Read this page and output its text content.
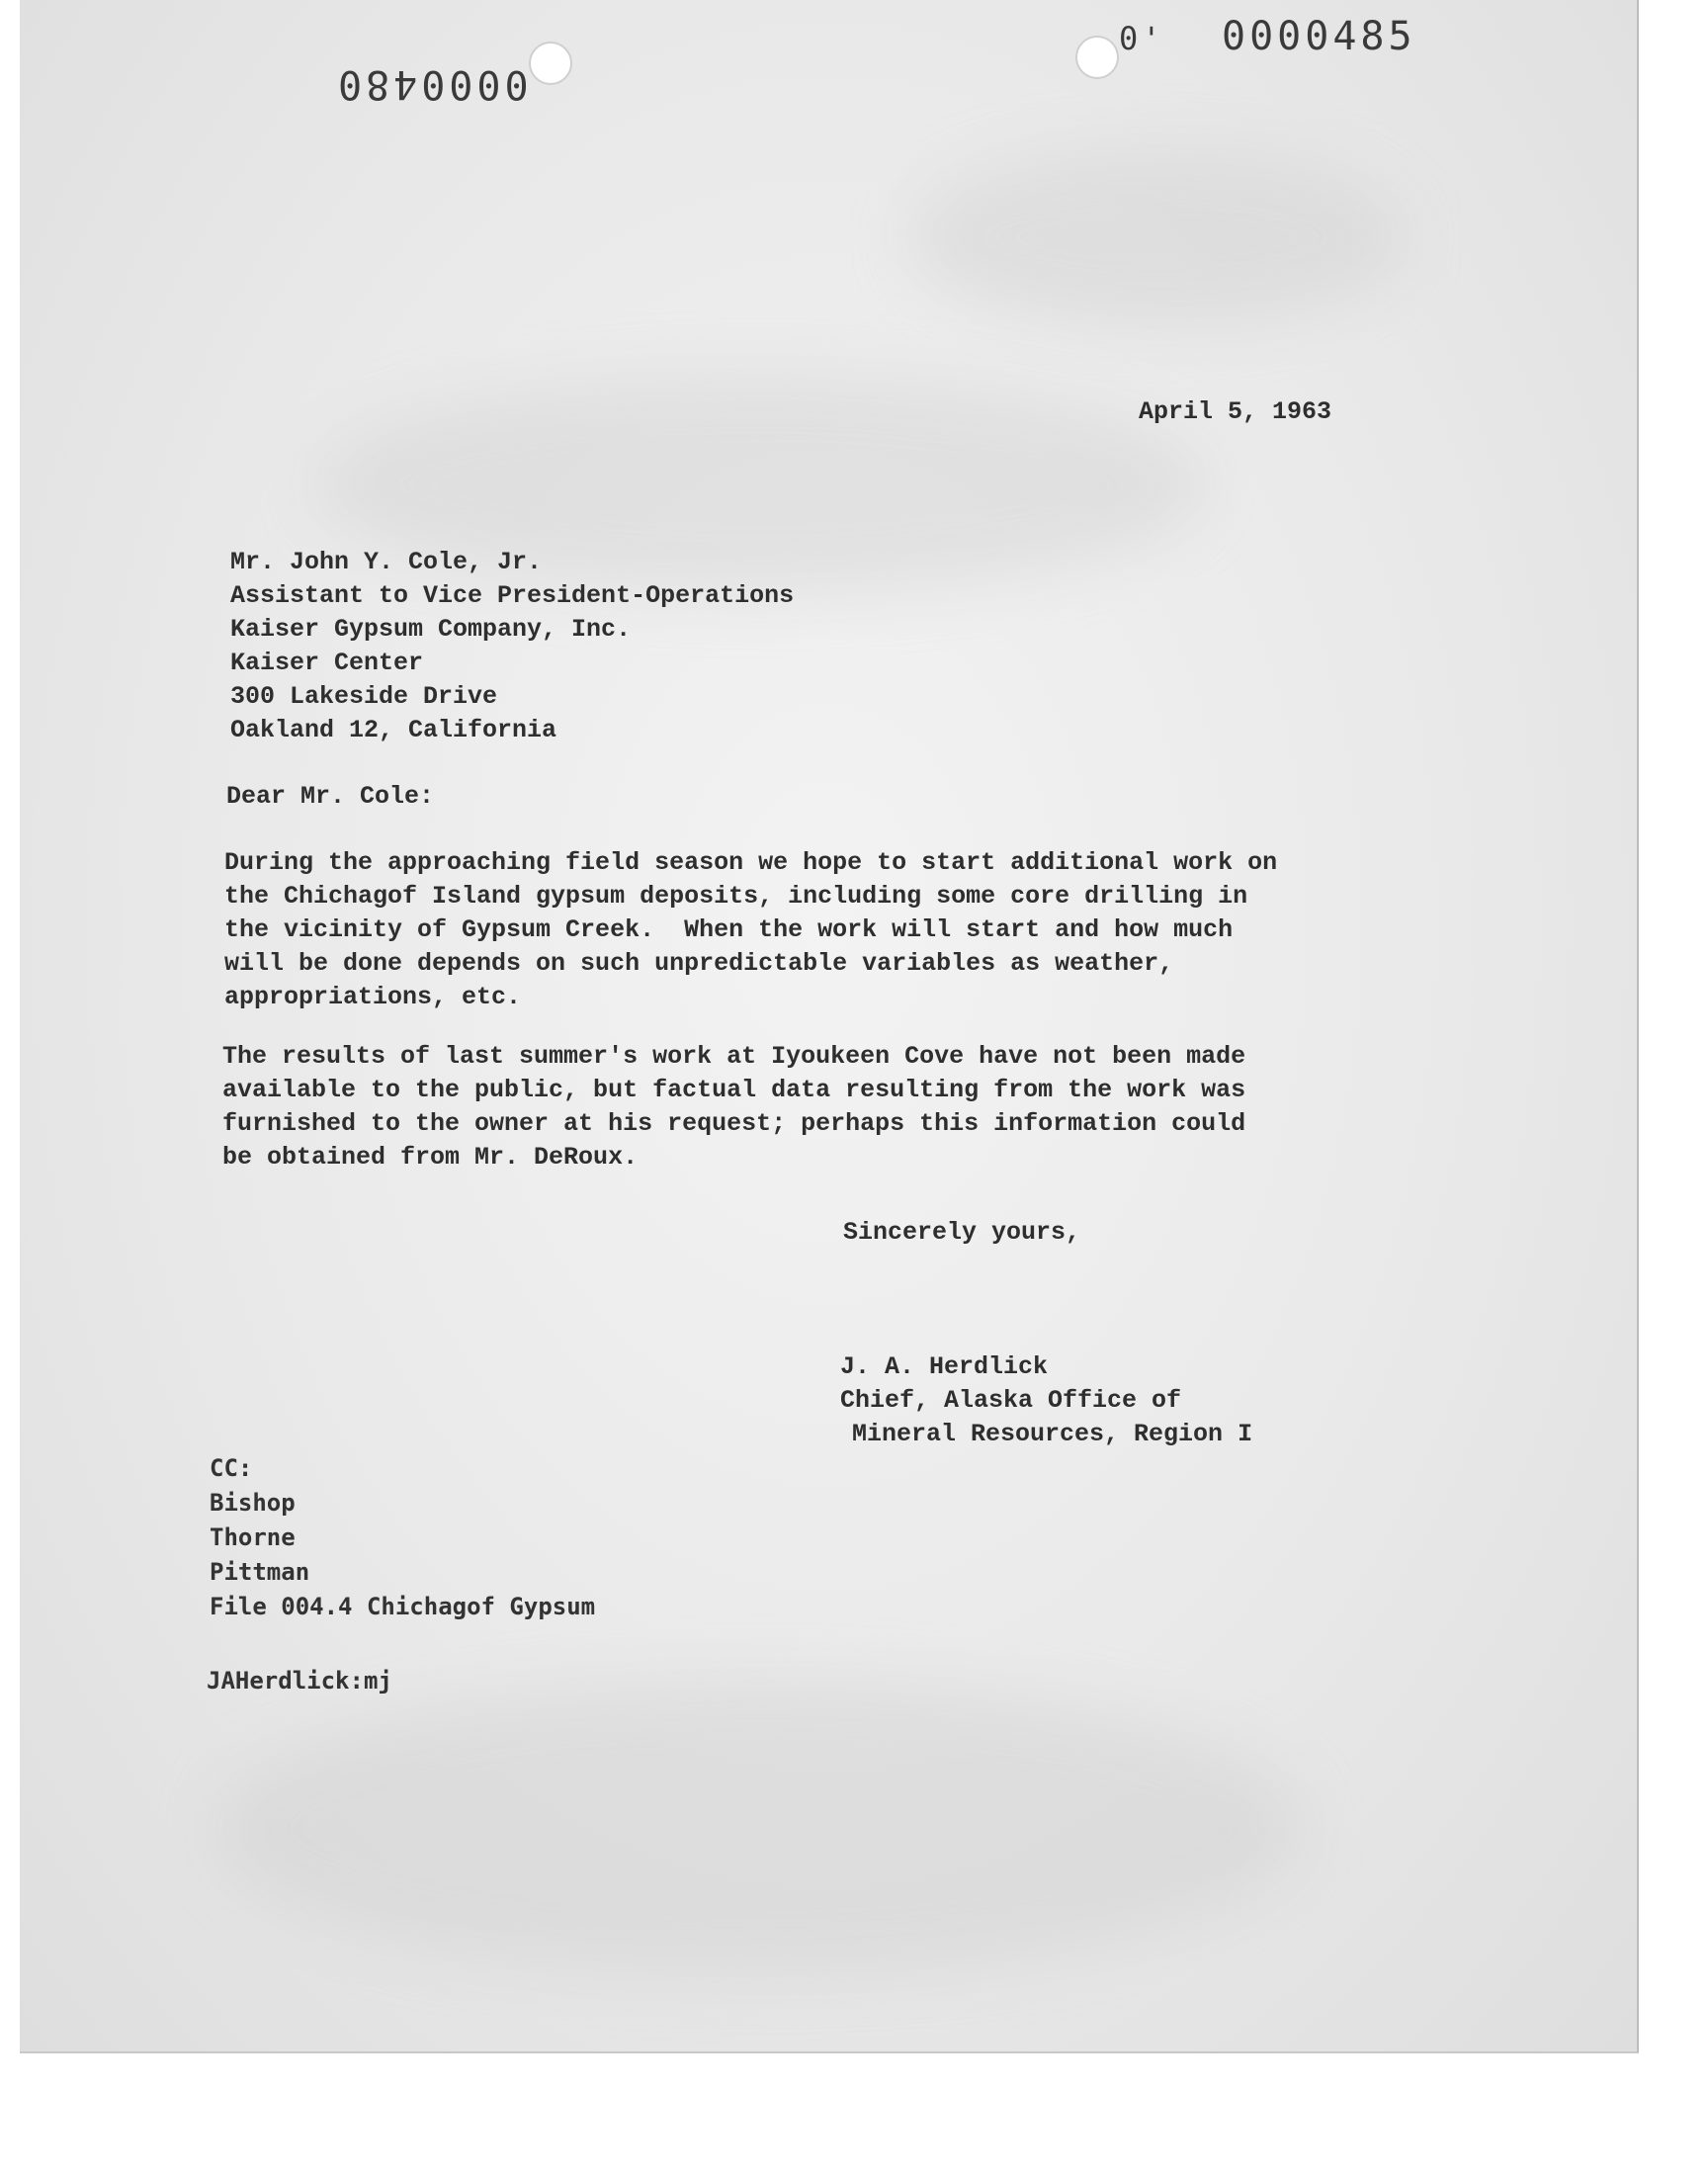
0000480
0' 0000485
April 5, 1963
Mr. John Y. Cole, Jr.
Assistant to Vice President-Operations
Kaiser Gypsum Company, Inc.
Kaiser Center
300 Lakeside Drive
Oakland 12, California
Dear Mr. Cole:
During the approaching field season we hope to start additional work on
the Chichagof Island gypsum deposits, including some core drilling in
the vicinity of Gypsum Creek.  When the work will start and how much
will be done depends on such unpredictable variables as weather,
appropriations, etc.
The results of last summer's work at Iyoukeen Cove have not been made
available to the public, but factual data resulting from the work was
furnished to the owner at his request; perhaps this information could
be obtained from Mr. DeRoux.
Sincerely yours,
J. A. Herdlick
Chief, Alaska Office of
Mineral Resources, Region I
CC:
Bishop
Thorne
Pittman
File 004.4 Chichagof Gypsum
JAHerdlick:mj
